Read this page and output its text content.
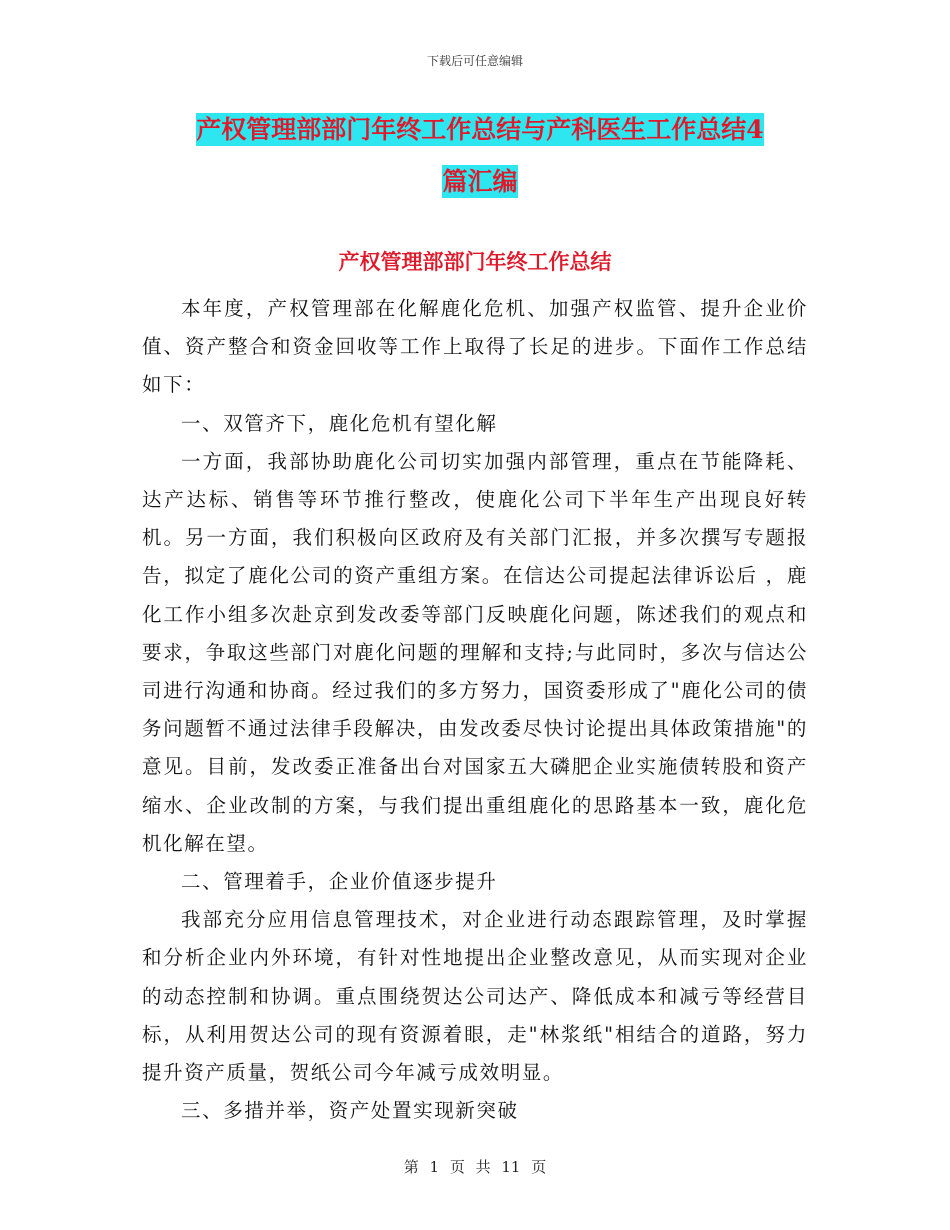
下载后可任意编辑
产权管理部部门年终工作总结与产科医生工作总结4
篇汇编
产权管理部部门年终工作总结

本年度，产权管理部在化解鹿化危机、加强产权监管、提升企业价值、资产整合和资金回收等工作上取得了长足的进步。下面作工作总结如下：

一、双管齐下，鹿化危机有望化解

一方面，我部协助鹿化公司切实加强内部管理，重点在节能降耗、达产达标、销售等环节推行整改，使鹿化公司下半年生产出现良好转机。另一方面，我们积极向区政府及有关部门汇报，并多次撰写专题报告，拟定了鹿化公司的资产重组方案。在信达公司提起法律诉讼后 ，鹿化工作小组多次赴京到发改委等部门反映鹿化问题，陈述我们的观点和要求，争取这些部门对鹿化问题的理解和支持;与此同时，多次与信达公司进行沟通和协商。经过我们的多方努力，国资委形成了"鹿化公司的债务问题暂不通过法律手段解决，由发改委尽快讨论提出具体政策措施"的意见。目前，发改委正准备出台对国家五大磷肥企业实施债转股和资产缩水、企业改制的方案，与我们提出重组鹿化的思路基本一致，鹿化危机化解在望。

二、管理着手，企业价值逐步提升

我部充分应用信息管理技术，对企业进行动态跟踪管理，及时掌握和分析企业内外环境，有针对性地提出企业整改意见，从而实现对企业的动态控制和协调。重点围绕贺达公司达产、降低成本和减亏等经营目标，从利用贺达公司的现有资源着眼，走"林浆纸"相结合的道路，努力提升资产质量，贺纸公司今年减亏成效明显。

三、多措并举，资产处置实现新突破

第 1 页 共 11 页
